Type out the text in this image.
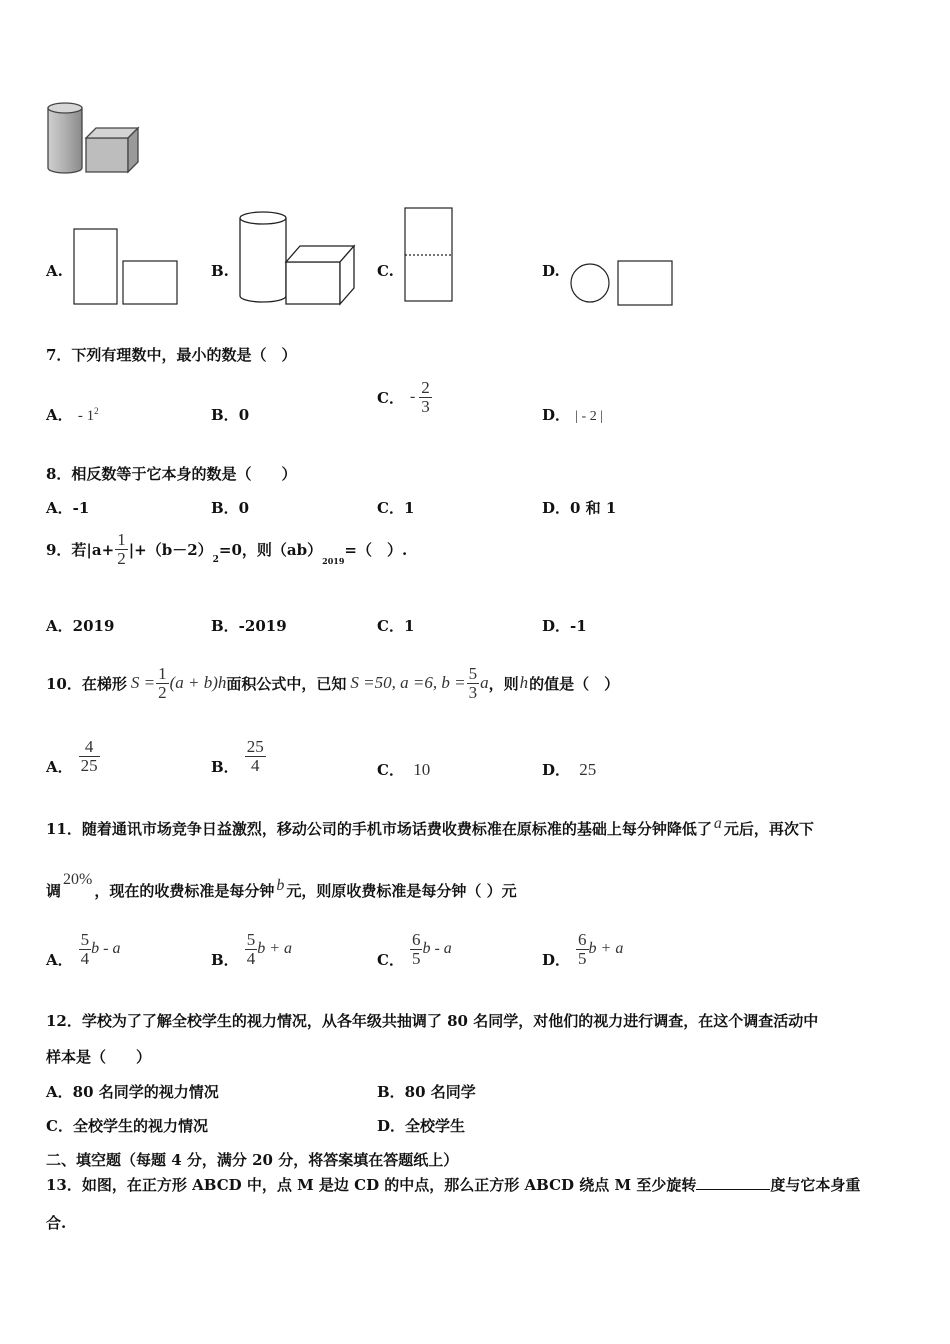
A.	B.	C.	D.
7．下列有理数中，最小的数是（　）
A． - $1^2$	B．0
C． - $\frac{2}{3}$	D． | - 2 |
8．相反数等于它本身的数是（　　）
A．-1	B．0	C．1	D．0 和 1
9．若$|a+ \frac{1}{2} |+(b-2)$
2
=0，则（ab）
2019
=（　）.
A．2019	B．-2019	C．1	D．-1
10．在梯形 $S = \frac{1}{2} (a + b)h$ 面积公式中，已知 S =50, a =6, $b = \frac{5}{3}$ a ，则 h 的值是（　）
A． $\frac{4}{25}$	B． $\frac{25}{4}$	C． 10	D． 25
11．随着通讯市场竞争日益激烈，移动公司的手机市场话费收费标准在原标准的基础上每分钟降低了 a 元后，再次下
调20%，现在的收费标准是每分钟 b 元，则原收费标准是每分钟（ ）元
A． $\frac{5}{4}$ b - a
B． $\frac{5}{4}$ b + a
C． $\frac{6}{5}$ b - a
D． $\frac{6}{5}$ b + a
12．学校为了了解全校学生的视力情况，从各年级共抽调了 80 名同学，对他们的视力进行调查，在这个调查活动中
样本是（　　）
A．80 名同学的视力情况	B．80 名同学
C．全校学生的视力情况	D．全校学生
二、填空题（每题 4 分，满分 20 分，将答案填在答题纸上）
13．如图，在正方形 ABCD 中，点 M 是边 CD 的中点，那么正方形 ABCD 绕点 M 至少旋转	度与它本身重
合.
